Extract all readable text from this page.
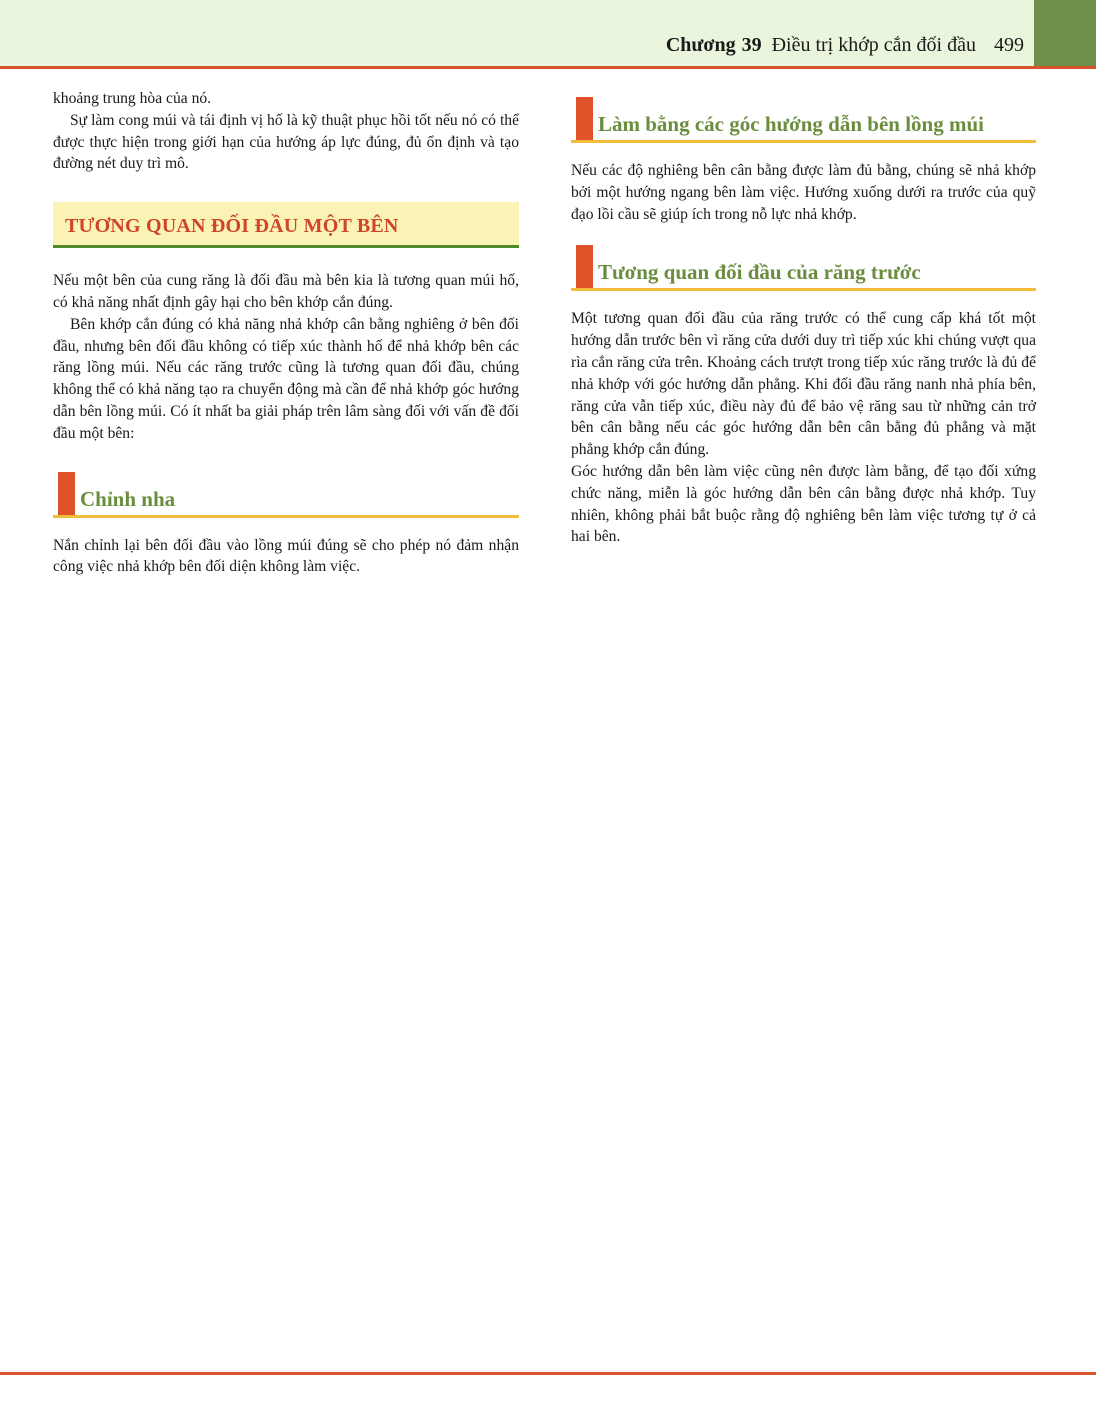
Chương 39 Điều trị khớp cắn đối đầu 499

khoảng trung hòa của nó.

Sự làm cong múi và tái định vị hố là kỹ thuật phục hồi tốt nếu nó có thể được thực hiện trong giới hạn của hướng áp lực đúng, đủ ổn định và tạo đường nét duy trì mô.

TƯƠNG QUAN ĐỐI ĐẦU MỘT BÊN

Nếu một bên của cung răng là đối đầu mà bên kia là tương quan múi hố, có khả năng nhất định gây hại cho bên khớp cắn đúng.

Bên khớp cắn đúng có khả năng nhả khớp cân bằng nghiêng ở bên đối đầu, nhưng bên đối đầu không có tiếp xúc thành hố để nhả khớp bên các răng lồng múi. Nếu các răng trước cũng là tương quan đối đầu, chúng không thể có khả năng tạo ra chuyển động mà cần để nhả khớp góc hướng dẫn bên lồng múi. Có ít nhất ba giải pháp trên lâm sàng đối với vấn đề đối đầu một bên:

Chỉnh nha

Nắn chỉnh lại bên đối đầu vào lồng múi đúng sẽ cho phép nó đảm nhận công việc nhả khớp bên đối diện không làm việc.

Làm bằng các góc hướng dẫn bên lồng múi

Nếu các độ nghiêng bên cân bằng được làm đủ bằng, chúng sẽ nhả khớp bởi một hướng ngang bên làm việc. Hướng xuống dưới ra trước của quỹ đạo lồi cầu sẽ giúp ích trong nỗ lực nhả khớp.

Tương quan đối đầu của răng trước

Một tương quan đối đầu của răng trước có thể cung cấp khá tốt một hướng dẫn trước bên vì răng cửa dưới duy trì tiếp xúc khi chúng vượt qua rìa cắn răng cửa trên. Khoảng cách trượt trong tiếp xúc răng trước là đủ để nhả khớp với góc hướng dẫn phẳng. Khi đối đầu răng nanh nhả phía bên, răng cửa vẫn tiếp xúc, điều này đủ để bảo vệ răng sau từ những cản trở bên cân bằng nếu các góc hướng dẫn bên cân bằng đủ phẳng và mặt phẳng khớp cắn đúng.

Góc hướng dẫn bên làm việc cũng nên được làm bằng, để tạo đối xứng chức năng, miễn là góc hướng dẫn bên cân bằng được nhả khớp. Tuy nhiên, không phải bắt buộc rằng độ nghiêng bên làm việc tương tự ở cả hai bên.
